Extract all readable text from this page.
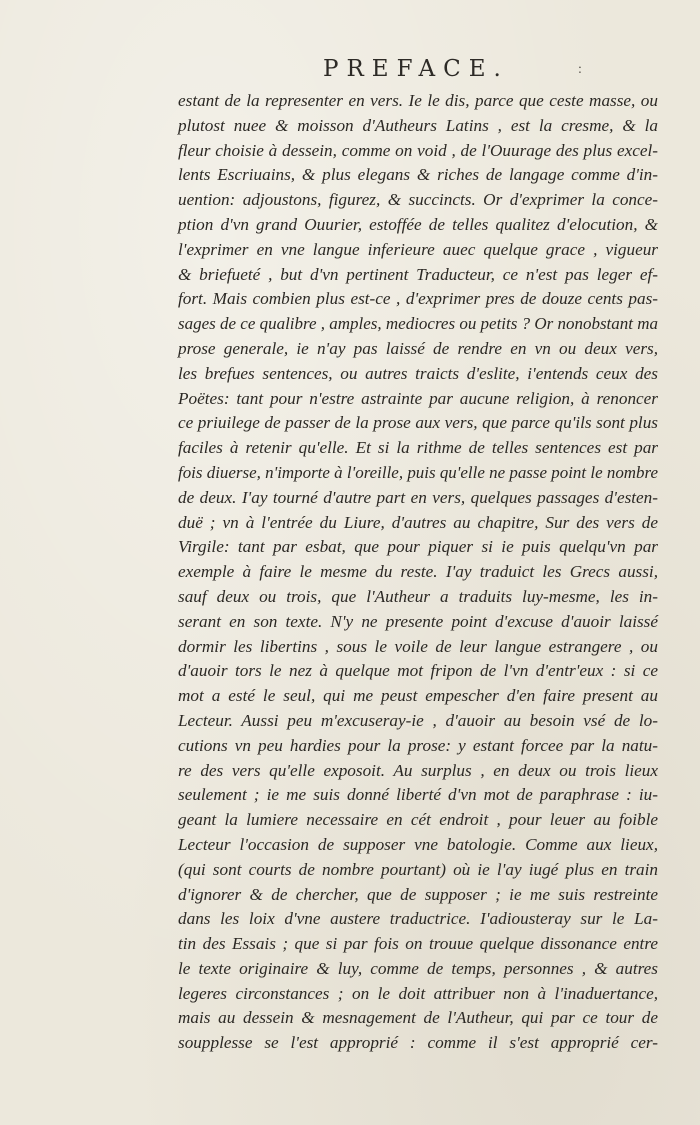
PREFACE.	:
estant de la representer en vers. Ie le dis, parce que ceste masse, ou
plutost nuee & moisson d'Autheurs Latins , est la cresme, & la
fleur choisie à dessein, comme on void , de l'Ouurage des plus excel-
lents Escriuains, & plus elegans & riches de langage comme d'in-
uention: adjoustons, figurez, & succincts. Or d'exprimer la conce-
ption d'vn grand Ouurier, estoffée de telles qualitez d'elocution, &
l'exprimer en vne langue inferieure auec quelque grace , vigueur
& briefueté , but d'vn pertinent Traducteur, ce n'est pas leger ef-
fort. Mais combien plus est-ce , d'exprimer pres de douze cents pas-
sages de ce qualibre , amples, mediocres ou petits ? Or nonobstant ma
prose generale, ie n'ay pas laissé de rendre en vn ou deux vers,
les brefues sentences, ou autres traicts d'eslite, i'entends ceux des
Poëtes: tant pour n'estre astrainte par aucune religion, à renoncer
ce priuilege de passer de la prose aux vers, que parce qu'ils sont plus
faciles à retenir qu'elle. Et si la rithme de telles sentences est par
fois diuerse, n'importe à l'oreille, puis qu'elle ne passe point le nombre
de deux. I'ay tourné d'autre part en vers, quelques passages d'esten-
duë ; vn à l'entrée du Liure, d'autres au chapitre, Sur des vers de
Virgile: tant par esbat, que pour piquer si ie puis quelqu'vn par
exemple à faire le mesme du reste. I'ay traduict les Grecs aussi,
sauf deux ou trois, que l'Autheur a traduits luy-mesme, les in-
serant en son texte. N'y ne presente point d'excuse d'auoir laissé
dormir les libertins , sous le voile de leur langue estrangere , ou
d'auoir tors le nez à quelque mot fripon de l'vn d'entr'eux : si ce
mot a esté le seul, qui me peust empescher d'en faire present au
Lecteur. Aussi peu m'excuseray-ie , d'auoir au besoin vsé de lo-
cutions vn peu hardies pour la prose: y estant forcee par la natu-
re des vers qu'elle exposoit. Au surplus , en deux ou trois lieux
seulement ; ie me suis donné liberté d'vn mot de paraphrase : iu-
geant la lumiere necessaire en cét endroit , pour leuer au foible
Lecteur l'occasion de supposer vne batologie. Comme aux lieux,
(qui sont courts de nombre pourtant) où ie l'ay iugé plus en train
d'ignorer & de chercher, que de supposer ; ie me suis restreinte
dans les loix d'vne austere traductrice. I'adiousteray sur le La-
tin des Essais ; que si par fois on trouue quelque dissonance entre
le texte originaire & luy, comme de temps, personnes , & autres
legeres circonstances ; on le doit attribuer non à l'inaduertance,
mais au dessein & mesnagement de l'Autheur, qui par ce tour de
soupplesse se l'est approprié : comme il s'est approprié cer-
